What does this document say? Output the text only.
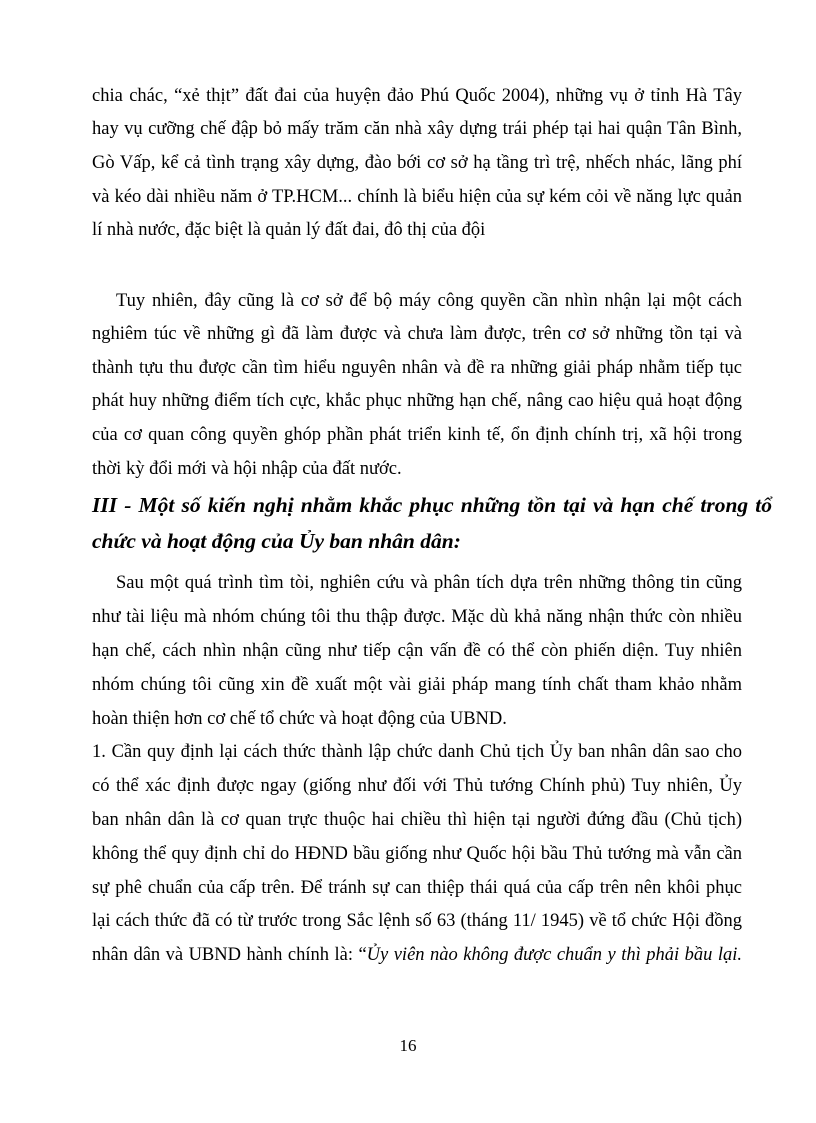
chia chác, “xẻ thịt” đất đai của huyện đảo Phú Quốc 2004), những vụ ở tỉnh Hà Tây
hay vụ cưỡng chế đập bỏ mấy trăm căn nhà xây dựng trái phép tại hai quận Tân Bình,
Gò Vấp, kể cả tình trạng xây dựng, đào bới cơ sở hạ tầng trì trệ, nhếch nhác, lãng phí
và kéo dài nhiều năm ở TP.HCM... chính là biểu hiện của sự kém cỏi về năng lực quản
lí nhà nước, đặc biệt là quản lý đất đai, đô thị của đội
Tuy nhiên, đây cũng là cơ sở để bộ máy công quyền cần nhìn nhận lại một cách
nghiêm túc về những gì đã làm được và chưa làm được, trên cơ sở những tồn tại và
thành tựu thu được cần tìm hiểu nguyên nhân và đề ra những giải pháp nhằm tiếp tục
phát huy những điểm tích cực, khắc phục những hạn chế, nâng cao hiệu quả hoạt động
của cơ quan công quyền ghóp phần phát triển kinh tế, ổn định chính trị, xã hội trong
thời kỳ đổi mới và hội nhập của đất nước.
III - Một số kiến nghị nhằm khắc phục những tồn tại và hạn chế trong tổ
chức và hoạt động của Ủy ban nhân dân:
Sau một quá trình tìm tòi, nghiên cứu và phân tích dựa trên những thông tin cũng
như tài liệu mà nhóm chúng tôi thu thập được. Mặc dù khả năng nhận thức còn nhiều
hạn chế, cách nhìn nhận cũng như tiếp cận vấn đề có thể còn phiến diện. Tuy nhiên
nhóm chúng tôi cũng xin đề xuất một vài giải pháp mang tính chất tham khảo nhằm
hoàn thiện hơn cơ chế tổ chức và hoạt động của UBND.
1. Cần quy định lại cách thức thành lập chức danh Chủ tịch Ủy ban nhân dân sao cho
có thể xác định được ngay (giống như đối với Thủ tướng Chính phủ) Tuy nhiên, Ủy
ban nhân dân là cơ quan trực thuộc hai chiều thì hiện tại người đứng đầu (Chủ tịch)
không thể quy định chỉ do HĐND bầu giống như Quốc hội bầu Thủ tướng mà vẫn cần
sự phê chuẩn của cấp trên. Để tránh sự can thiệp thái quá của cấp trên nên khôi phục
lại cách thức đã có từ trước trong Sắc lệnh số 63 (tháng 11/ 1945) về tổ chức Hội đồng
nhân dân và UBND hành chính là: “Ủy viên nào không được chuẩn y thì phải bầu lại.
16
